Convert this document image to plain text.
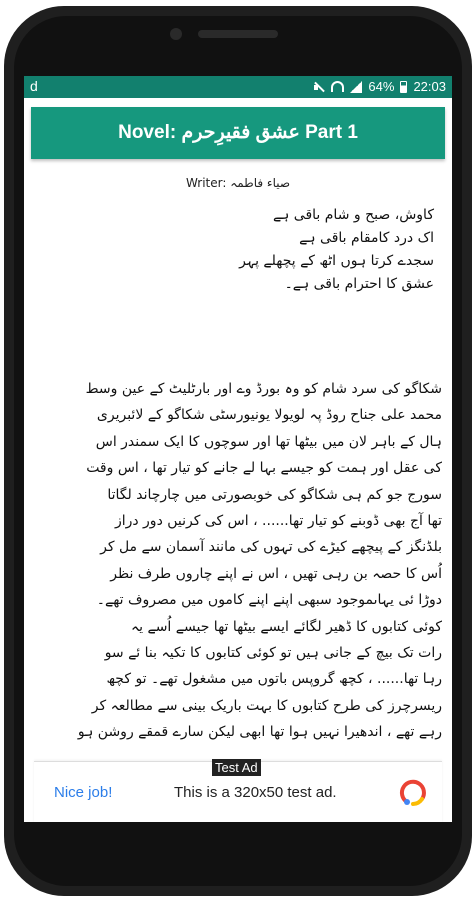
d	64% 22:03
Novel: عشق فقیرِحرم Part 1
Writer: صیاء فاطمہ
کاوش، صبح و شام باقی ہے
اک درد کامقام باقی ہے
سجدے کرتا ہوں اٹھ کے پچھلے پہر
عشق کا احترام باقی ہے۔
شکاگو کی سرد شام کو وہ بورڈ وے اور بارٹلیٹ کے عین وسط
محمد علی جناح روڈ پہ لویولا یونیورسٹی شکاگو کے لائبریری
ہال کے باہر لان میں بیٹھا تھا اور سوچوں کا ایک سمندر اس
کی عقل اور ہمت کو جیسے بہا لے جانے کو تیار تھا ، اس وقت
سورج جو کم ہی شکاگو کی خوبصورتی میں چارچاند لگاتا
تھا آج بھی ڈوبنے کو تیار تھا...... ، اس کی کرنیں دور دراز
بلڈنگز کے پیچھے کیڑے کی تہوں کی مانند آسمان سے مل کر
اُس کا حصہ بن رہی تھیں ، اس نے اپنے چاروں طرف نظر
دوڑا ئی یہاںموجود سبھی اپنے اپنے کاموں میں مصروف تھے۔
کوئی کتابوں کا ڈھیر لگائے ایسے بیٹھا تھا جیسے اُسے یہ
رات تک بیچ کے جانی ہیں تو کوئی کتابوں کا تکیہ بنا ئے سو
رہا تھا...... ، کچھ گروپس باتوں میں مشغول تھے۔ تو کچھ
ریسرچرز کی طرح کتابوں کا بہت باریک بینی سے مطالعہ کر
رہے تھے ، اندھیرا نہیں ہوا تھا ابھی لیکن سارے قمقے روشن ہو
Test Ad
Nice job!	This is a 320x50 test ad.
